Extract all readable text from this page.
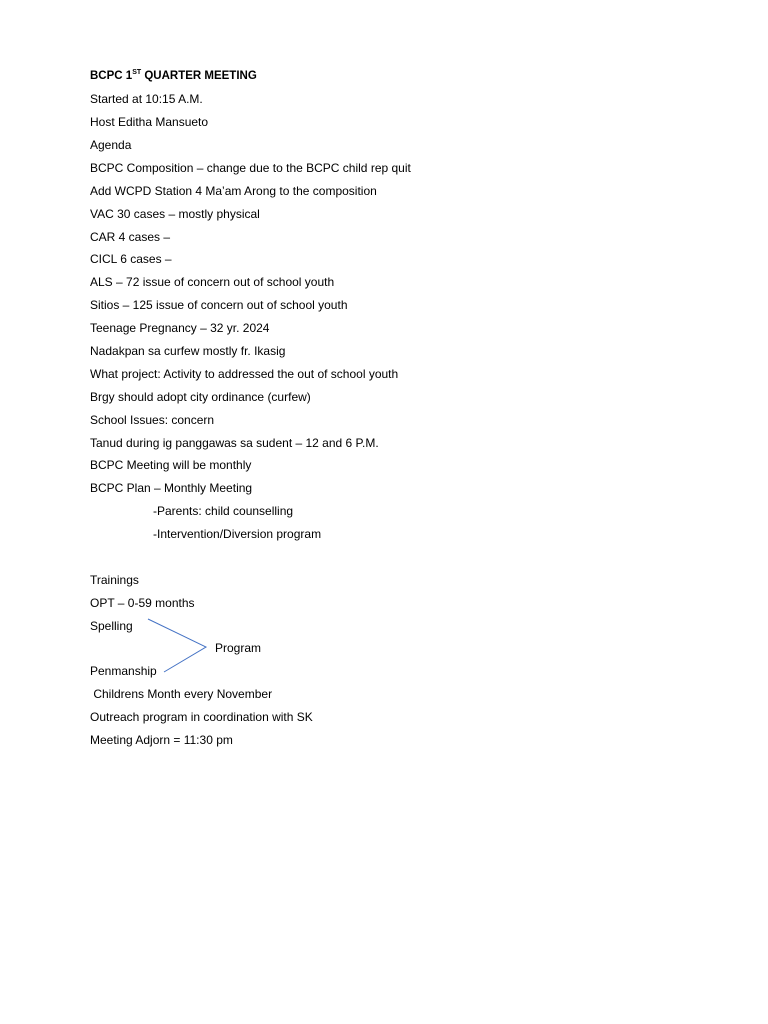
BCPC 1ST QUARTER MEETING
Started at 10:15 A.M.
Host Editha Mansueto
Agenda
BCPC Composition – change due to the BCPC child rep quit
Add WCPD Station 4 Ma’am Arong to the composition
VAC 30 cases – mostly physical
CAR 4 cases –
CICL 6 cases –
ALS – 72 issue of concern out of school youth
Sitios – 125 issue of concern out of school youth
Teenage Pregnancy – 32 yr. 2024
Nadakpan sa curfew mostly fr. Ikasig
What project: Activity to addressed the out of school youth
Brgy should adopt city ordinance (curfew)
School Issues: concern
Tanud during ig panggawas sa sudent – 12 and 6 P.M.
BCPC Meeting will be monthly
BCPC Plan – Monthly Meeting
-Parents: child counselling
-Intervention/Diversion program
Trainings
OPT – 0-59 months
Spelling
Program
Penmanship
Childrens Month every November
Outreach program in coordination with SK
Meeting Adjorn = 11:30 pm
